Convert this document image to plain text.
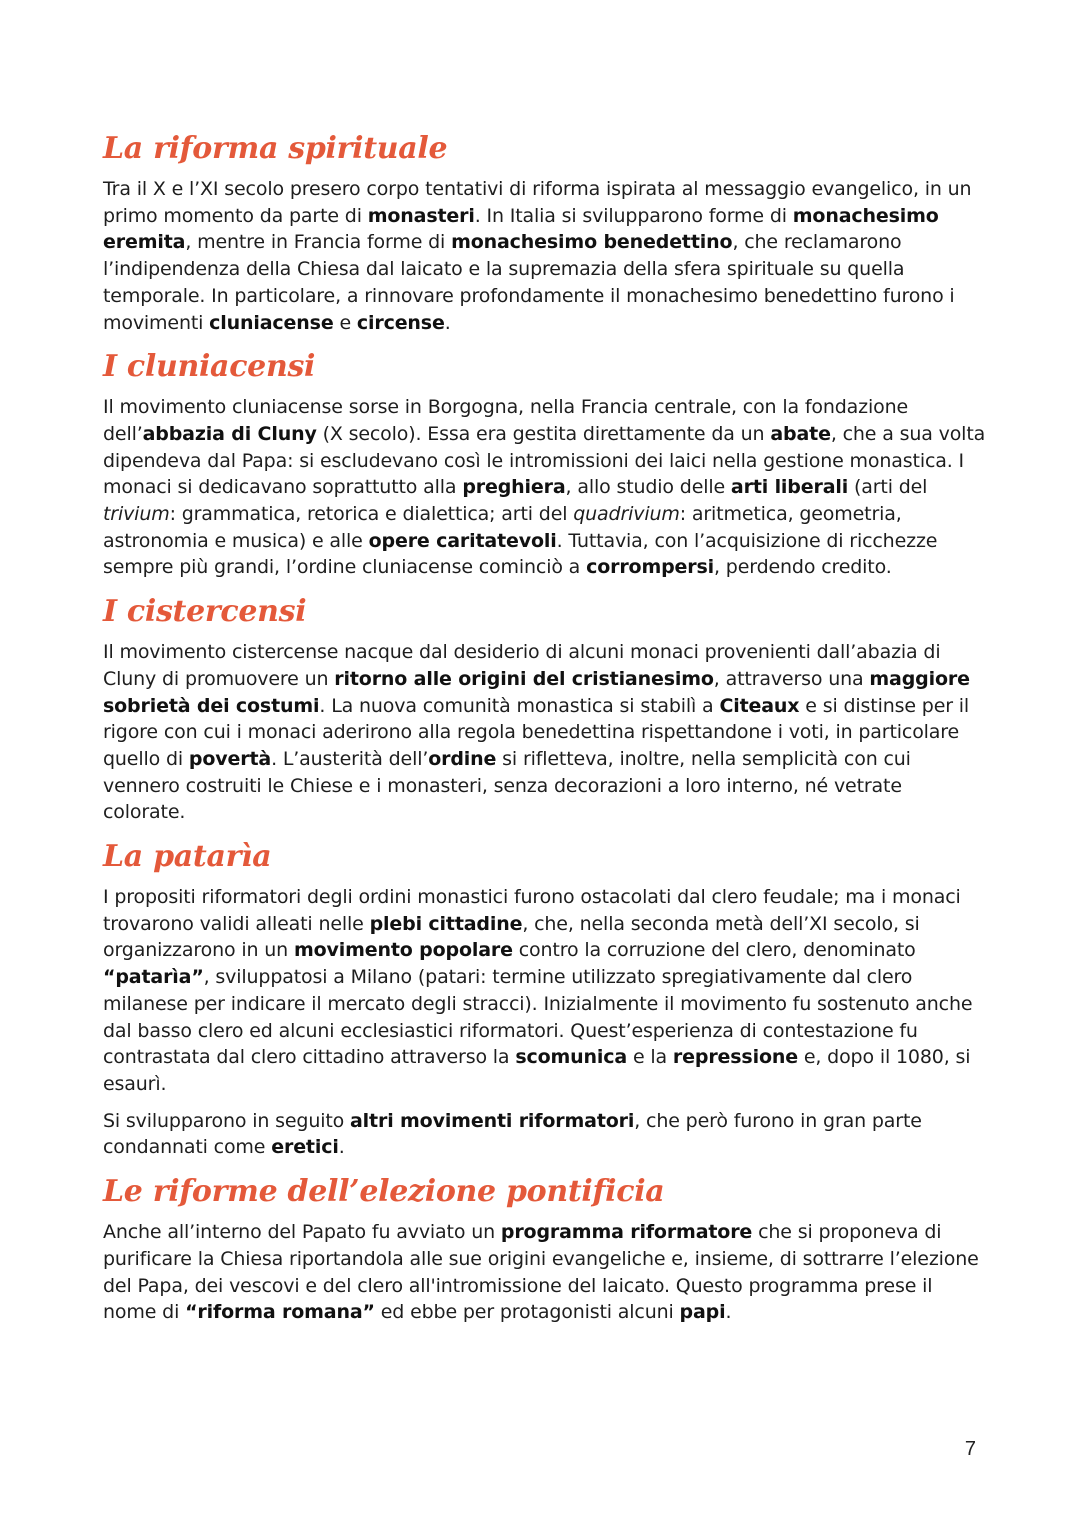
La riforma spirituale

Tra il X e l’XI secolo presero corpo tentativi di riforma ispirata al messaggio evangelico, in un primo momento da parte di monasteri. In Italia si svilupparono forme di monachesimo eremita, mentre in Francia forme di monachesimo benedettino, che reclamarono l’indipendenza della Chiesa dal laicato e la supremazia della sfera spirituale su quella temporale. In particolare, a rinnovare profondamente il monachesimo benedettino furono i movimenti cluniacense e circense.

I cluniacensi

Il movimento cluniacense sorse in Borgogna, nella Francia centrale, con la fondazione dell’abbazia di Cluny (X secolo). Essa era gestita direttamente da un abate, che a sua volta dipendeva dal Papa: si escludevano così le intromissioni dei laici nella gestione monastica. I monaci si dedicavano soprattutto alla preghiera, allo studio delle arti liberali (arti del trivium: grammatica, retorica e dialettica; arti del quadrivium: aritmetica, geometria, astronomia e musica) e alle opere caritatevoli. Tuttavia, con l’acquisizione di ricchezze sempre più grandi, l’ordine cluniacense cominciò a corrompersi, perdendo credito.

I cistercensi

Il movimento cistercense nacque dal desiderio di alcuni monaci provenienti dall’abazia di Cluny di promuovere un ritorno alle origini del cristianesimo, attraverso una maggiore sobrietà dei costumi. La nuova comunità monastica si stabilì a Citeaux e si distinse per il rigore con cui i monaci aderirono alla regola benedettina rispettandone i voti, in particolare quello di povertà. L’austerità dell’ordine si rifletteva, inoltre, nella semplicità con cui vennero costruiti le Chiese e i monasteri, senza decorazioni a loro interno, né vetrate colorate.

La patarìa

I propositi riformatori degli ordini monastici furono ostacolati dal clero feudale; ma i monaci trovarono validi alleati nelle plebi cittadine, che, nella seconda metà dell’XI secolo, si organizzarono in un movimento popolare contro la corruzione del clero, denominato “patarìa”, sviluppatosi a Milano (patari: termine utilizzato spregiativamente dal clero milanese per indicare il mercato degli stracci). Inizialmente il movimento fu sostenuto anche dal basso clero ed alcuni ecclesiastici riformatori. Quest’esperienza di contestazione fu contrastata dal clero cittadino attraverso la scomunica e la repressione e, dopo il 1080, si esaurì.

Si svilupparono in seguito altri movimenti riformatori, che però furono in gran parte condannati come eretici.

Le riforme dell’elezione pontificia

Anche all’interno del Papato fu avviato un programma riformatore che si proponeva di purificare la Chiesa riportandola alle sue origini evangeliche e, insieme, di sottrarre l’elezione del Papa, dei vescovi e del clero all'intromissione del laicato. Questo programma prese il nome di “riforma romana” ed ebbe per protagonisti alcuni papi.

7
